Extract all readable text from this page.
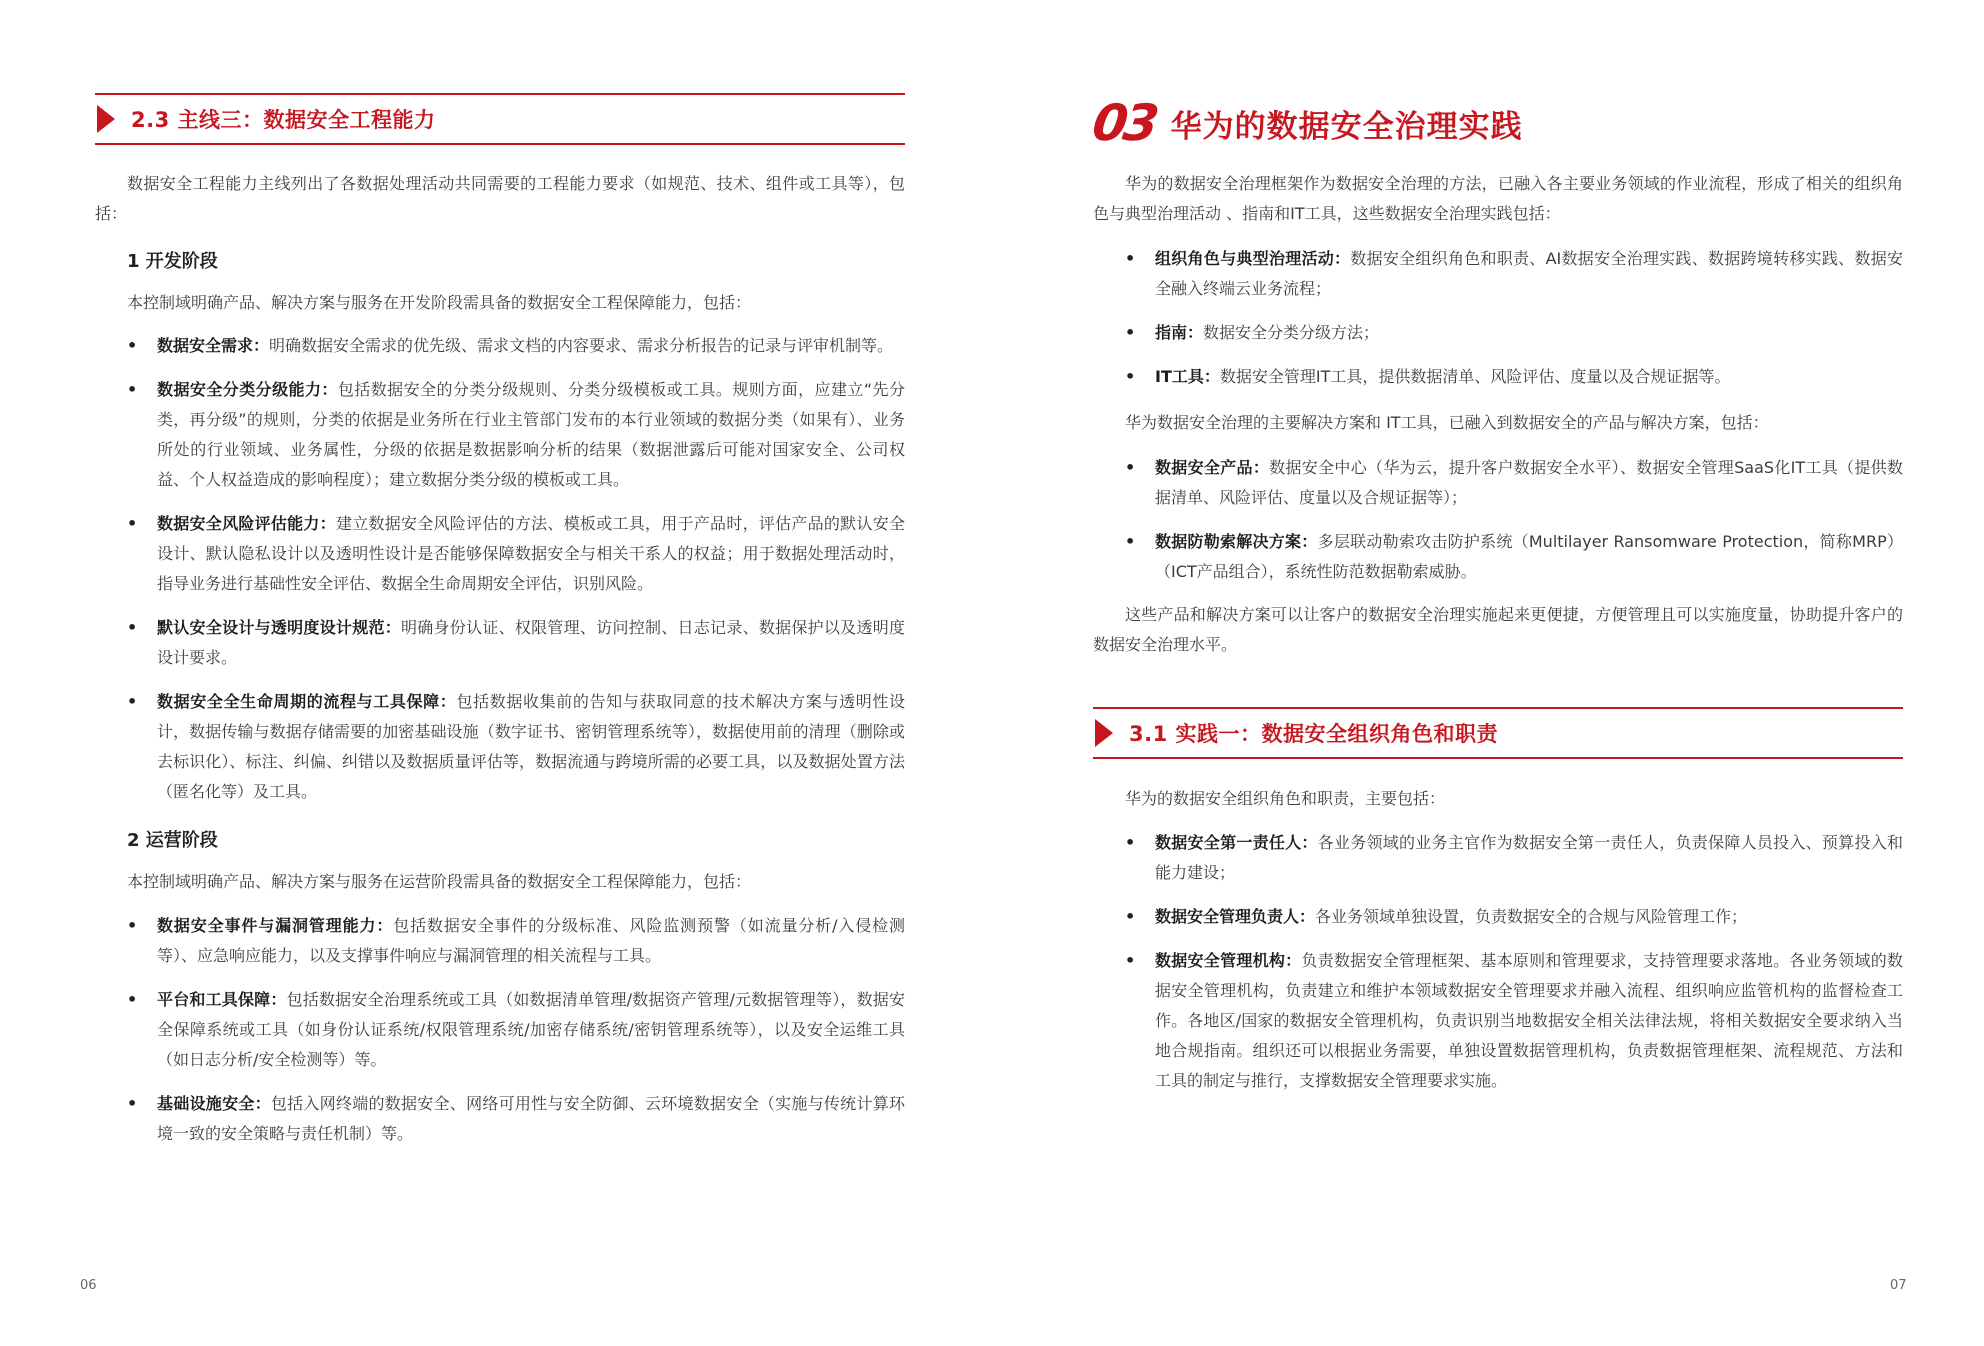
2.3 主线三：数据安全工程能力

数据安全工程能力主线列出了各数据处理活动共同需要的工程能力要求（如规范、技术、组件或工具等），包括：

1 开发阶段

本控制域明确产品、解决方案与服务在开发阶段需具备的数据安全工程保障能力，包括：

• 数据安全需求：明确数据安全需求的优先级、需求文档的内容要求、需求分析报告的记录与评审机制等。
• 数据安全分类分级能力：包括数据安全的分类分级规则、分类分级模板或工具。规则方面，应建立“先分类，再分级”的规则，分类的依据是业务所在行业主管部门发布的本行业领域的数据分类（如果有）、业务所处的行业领域、业务属性，分级的依据是数据影响分析的结果（数据泄露后可能对国家安全、公司权益、个人权益造成的影响程度）；建立数据分类分级的模板或工具。
• 数据安全风险评估能力：建立数据安全风险评估的方法、模板或工具，用于产品时，评估产品的默认安全设计、默认隐私设计以及透明性设计是否能够保障数据安全与相关干系人的权益；用于数据处理活动时，指导业务进行基础性安全评估、数据全生命周期安全评估，识别风险。
• 默认安全设计与透明度设计规范：明确身份认证、权限管理、访问控制、日志记录、数据保护以及透明度设计要求。
• 数据安全全生命周期的流程与工具保障：包括数据收集前的告知与获取同意的技术解决方案与透明性设计，数据传输与数据存储需要的加密基础设施（数字证书、密钥管理系统等），数据使用前的清理（删除或去标识化）、标注、纠偏、纠错以及数据质量评估等，数据流通与跨境所需的必要工具，以及数据处置方法（匿名化等）及工具。
2 运营阶段

本控制域明确产品、解决方案与服务在运营阶段需具备的数据安全工程保障能力，包括：

• 数据安全事件与漏洞管理能力：包括数据安全事件的分级标准、风险监测预警（如流量分析/入侵检测等）、应急响应能力，以及支撑事件响应与漏洞管理的相关流程与工具。
• 平台和工具保障：包括数据安全治理系统或工具（如数据清单管理/数据资产管理/元数据管理等），数据安全保障系统或工具（如身份认证系统/权限管理系统/加密存储系统/密钥管理系统等），以及安全运维工具（如日志分析/安全检测等）等。
• 基础设施安全：包括入网终端的数据安全、网络可用性与安全防御、云环境数据安全（实施与传统计算环境一致的安全策略与责任机制）等。
06
03 华为的数据安全治理实践

华为的数据安全治理框架作为数据安全治理的方法，已融入各主要业务领域的作业流程，形成了相关的组织角色与典型治理活动 、指南和IT工具，这些数据安全治理实践包括：

• 组织角色与典型治理活动：数据安全组织角色和职责、AI数据安全治理实践、数据跨境转移实践、数据安全融入终端云业务流程；
• 指南：数据安全分类分级方法；
• IT工具：数据安全管理IT工具，提供数据清单、风险评估、度量以及合规证据等。

华为数据安全治理的主要解决方案和 IT工具，已融入到数据安全的产品与解决方案，包括：

• 数据安全产品：数据安全中心（华为云，提升客户数据安全水平）、数据安全管理SaaS化IT工具（提供数据清单、风险评估、度量以及合规证据等）；
• 数据防勒索解决方案：多层联动勒索攻击防护系统（Multilayer Ransomware Protection，简称MRP）（ICT产品组合），系统性防范数据勒索威胁。

这些产品和解决方案可以让客户的数据安全治理实施起来更便捷，方便管理且可以实施度量，协助提升客户的数据安全治理水平。

3.1 实践一：数据安全组织角色和职责

华为的数据安全组织角色和职责，主要包括：

• 数据安全第一责任人：各业务领域的业务主官作为数据安全第一责任人，负责保障人员投入、预算投入和能力建设；
• 数据安全管理负责人：各业务领域单独设置，负责数据安全的合规与风险管理工作；
• 数据安全管理机构：负责数据安全管理框架、基本原则和管理要求，支持管理要求落地。各业务领域的数据安全管理机构，负责建立和维护本领域数据安全管理要求并融入流程、组织响应监管机构的监督检查工作。各地区/国家的数据安全管理机构，负责识别当地数据安全相关法律法规，将相关数据安全要求纳入当地合规指南。组织还可以根据业务需要，单独设置数据管理机构，负责数据管理框架、流程规范、方法和工具的制定与推行，支撑数据安全管理要求实施。
07
